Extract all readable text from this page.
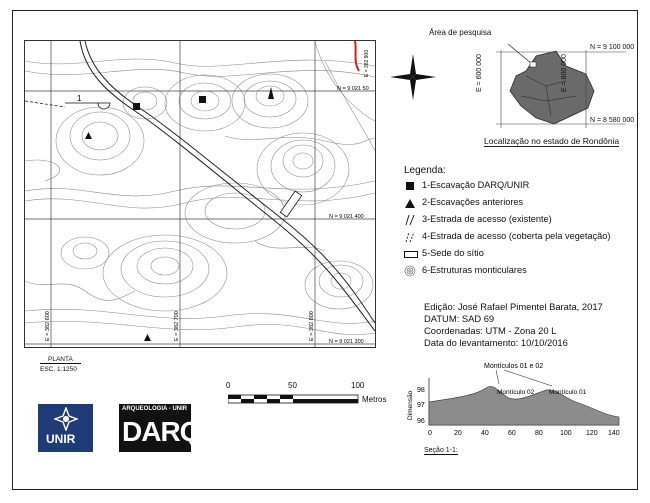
1
N = 9 021 50
N = 9 021 400
N = 9 021 300
E = 382 600	E = 382 700	E = 382 800
E = 382 900
PLANTA
ESC. 1:1250
Área de pesquisa
N = 9 100 000
N = 8 580 000
E = 600 000	E = 800 000
Localização no estado de Rondônia
Legenda:
1-Escavação DARQ/UNIR
2-Escavações anteriores
3-Estrada de acesso (existente)
4-Estrada de acesso (coberta pela vegetação)
5-Sede do sítio
6-Estruturas monticulares
Edição: José Rafael Pimentel Barata, 2017
DATUM: SAD 69
Coordenadas: UTM - Zona 20 L
Data do levantamento: 10/10/2016
0	50	100
Metros
Montículos 01 e 02
Montículo 02 Montículo 01
96
97
98
Dimensão
0	20	40	60	80 100 120 140
Seção 1-1:
UNIR
ARQUEOLOGIA - UNIR
DARQ
